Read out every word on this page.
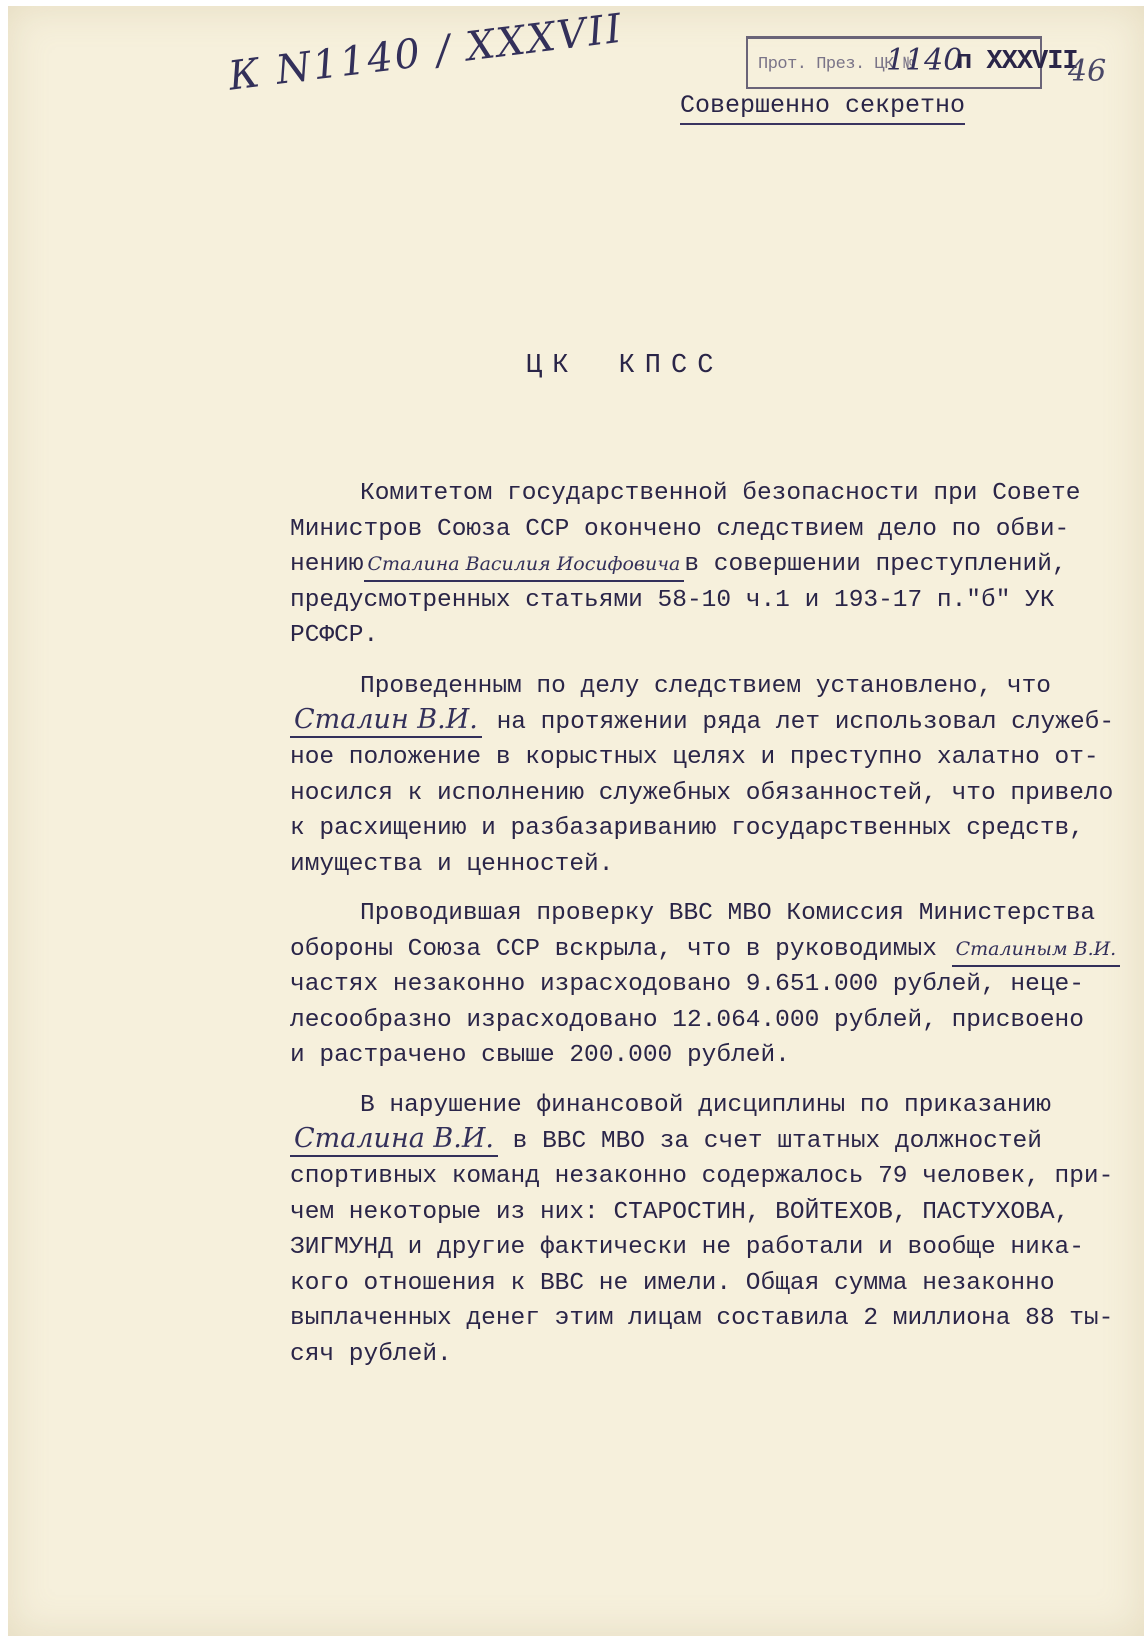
К N1140 / XXXVII	Прот. През. ЦК №
1140
п XXXVII
46
Совершенно секретно
ЦК КПСС
Комитетом государственной безопасности при Совете
Министров Союза ССР окончено следствием дело по обви-
нению Сталина Василия Иосифовича в совершении преступлений,
предусмотренных статьями 58-10 ч.1 и 193-17 п."б" УК
РСФСР.
Проведенным по делу следствием установлено, что
Сталин В.И. на протяжении ряда лет использовал служеб-
ное положение в корыстных целях и преступно халатно от-
носился к исполнению служебных обязанностей, что привело
к расхищению и разбазариванию государственных средств,
имущества и ценностей.
Проводившая проверку ВВС МВО Комиссия Министерства
обороны Союза ССР вскрыла, что в руководимых Сталиным В.И.
частях незаконно израсходовано 9.651.000 рублей, нецe-
лесообразно израсходовано 12.064.000 рублей, присвоено
и растрачено свыше 200.000 рублей.
В нарушение финансовой дисциплины по приказанию
Сталина В.И. в ВВС МВО за счет штатных должностей
спортивных команд незаконно содержалось 79 человек, при-
чем некоторые из них: СТАРОСТИН, ВОЙТЕХОВ, ПАСТУХОВА,
ЗИГМУНД и другие фактически не работали и вообще ника-
кого отношения к ВВС не имели. Общая сумма незаконно
выплаченных денег этим лицам составила 2 миллиона 88 ты-
сяч рублей.
